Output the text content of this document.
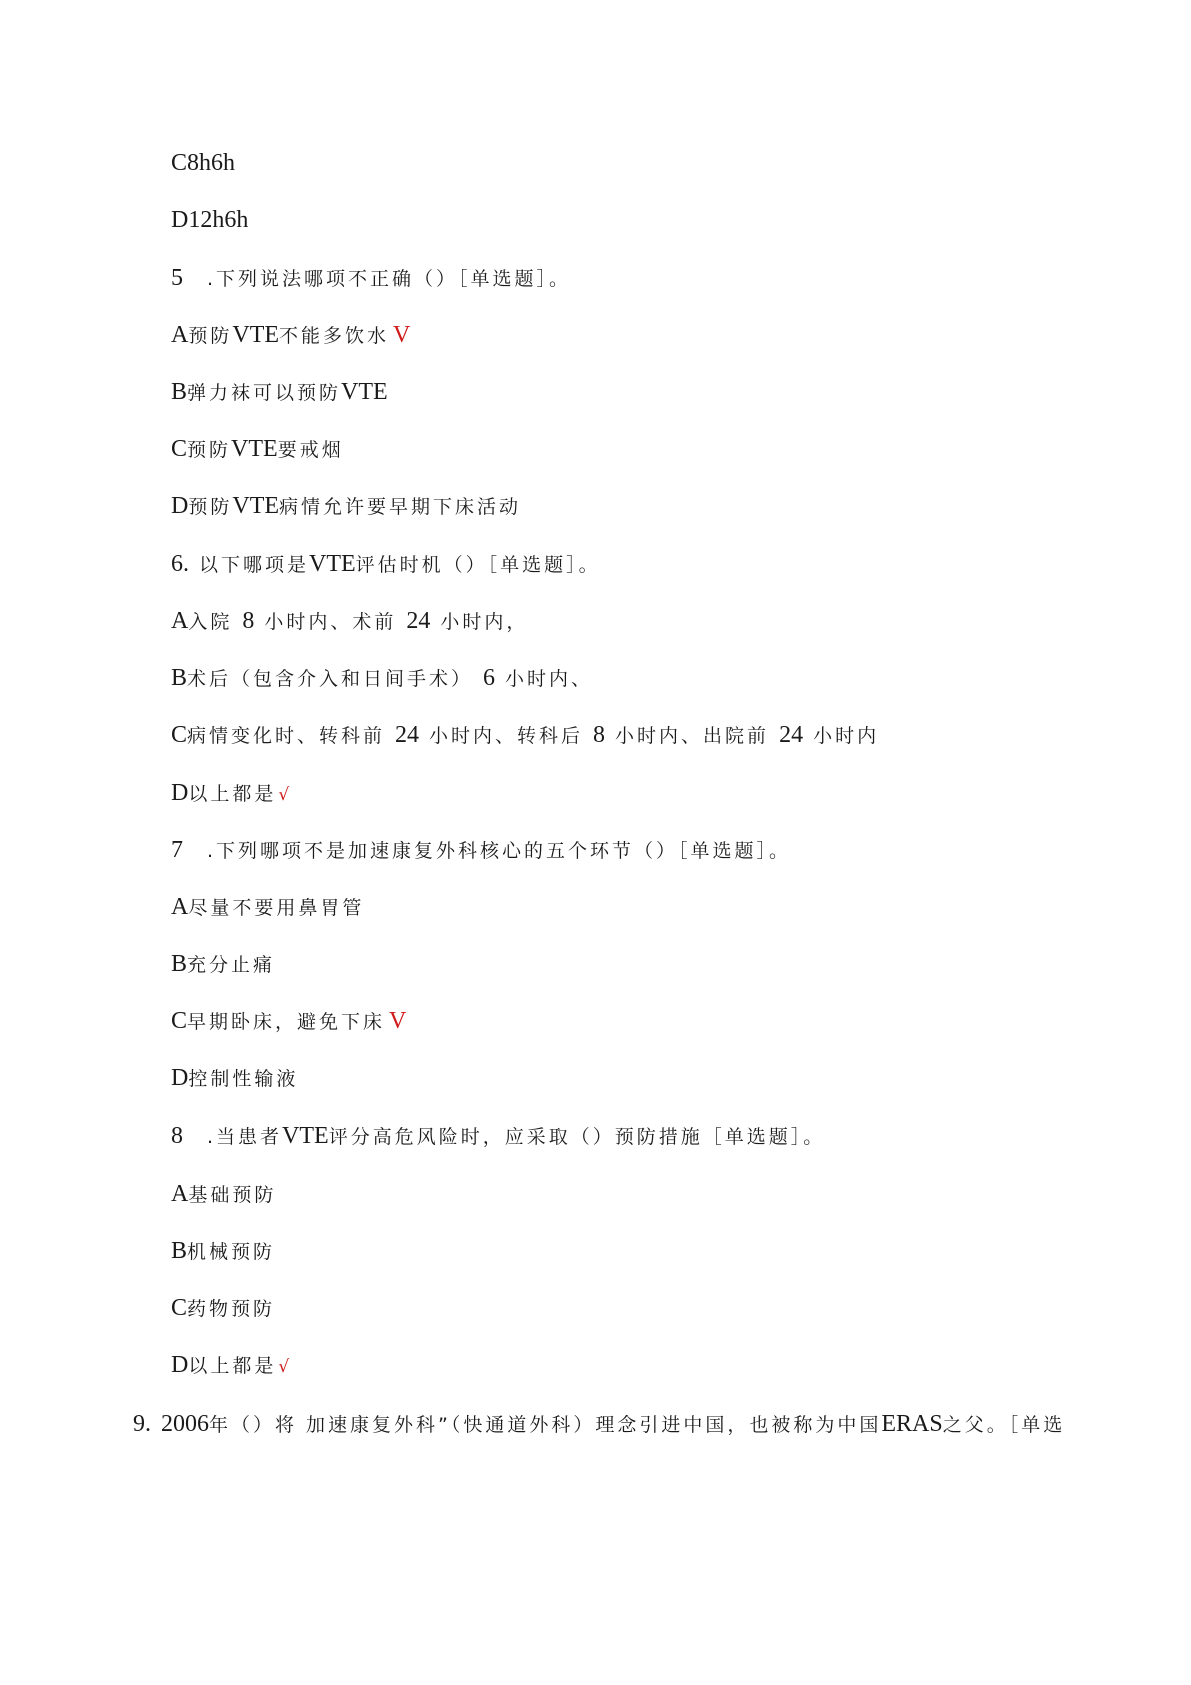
C8h6h
D12h6h
5 .下列说法哪项不正确（）［单选题］。
A预防VTE不能多饮水 V
B弹力袜可以预防VTE
C预防VTE要戒烟
D预防VTE病情允许要早期下床活动
6. 以下哪项是VTE评估时机（）［单选题］。
A入院 8 小时内、术前 24 小时内，
B术后（包含介入和日间手术） 6 小时内、
C病情变化时、转科前 24 小时内、转科后 8 小时内、出院前 24 小时内
D以上都是 √
7 .下列哪项不是加速康复外科核心的五个环节（）［单选题］。
A尽量不要用鼻胃管
B充分止痛
C早期卧床，避免下床 V
D控制性输液
8 .当患者VTE评分高危风险时，应采取（）预防措施［单选题］。
A基础预防
B机械预防
C药物预防
D以上都是 √
9. 2006年（）将 加速康复外科”（快通道外科）理念引进中国，也被称为中国ERAS之父。［单选
